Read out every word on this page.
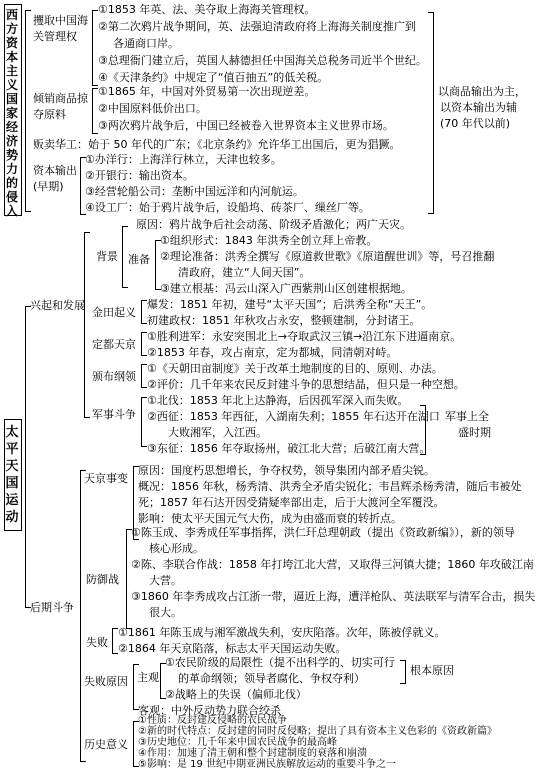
西
方
资
本
主
义
国
家
经
济
势
力
的
侵
入
攫取中国海
关管理权
①1853 年英、法、美夺取上海海关管理权。
②第二次鸦片战争期间，英、法强迫清政府将上海海关制度推广到
各通商口岸。
③总理衙门建立后，英国人赫德担任中国海关总税务司近半个世纪。
④《天津条约》中规定了“值百抽五”的低关税。
倾销商品掠
夺原料
①1865 年，中国对外贸易第一次出现逆差。
②中国原料低价出口。
③两次鸦片战争后，中国已经被卷入世界资本主义世界市场。
贩卖华工：始于 50 年代的广东；《北京条约》允许华工出国后，更为猖獗。
资本输出
(早期)
①办洋行：上海洋行林立，天津也较多。
②开银行：输出资本。
③经营轮船公司：垄断中国远洋和内河航运。
④设工厂：始于鸦片战争后，设船坞、砖茶厂、缫丝厂等。
以商品输出为主，
以资本输出为辅
(70 年代以前)
太
平
天
国
运
动
兴起和发展
背景
原因：鸦片战争后社会动荡、阶级矛盾激化；两广天灾。
准备
①组织形式：1843 年洪秀全创立拜上帝教。
②理论准备：洪秀全撰写《原道救世歌》《原道醒世训》等，号召推翻
清政府，建立“人间天国”。
③建立根基：冯云山深入广西紫荆山区创建根据地。
金田起义
爆发：1851 年初，建号“太平天国”；后洪秀全称“天王”。
初建政权：1851 年秋攻占永安，整顿建制，分封诸王。
定都天京
①胜利进军：永安突围北上→夺取武汉三镇→沿江东下进逼南京。
②1853 年春，攻占南京，定为都城，同清朝对峙。
颁布纲领
①《天朝田亩制度》关于改革土地制度的目的、原则、办法。
②评价：几千年来农民反封建斗争的思想结晶，但只是一种空想。
军事斗争
①北伐：1853 年北上达静海，后因孤军深入而失败。
②西征：1853 年西征，入湖南失利；1855 年石达开在湖口
大败湘军，入江西。
③东征：1856 年夺取扬州，破江北大营；后破江南大营。
军事上全
盛时期
后期斗争
天京事变
原因：国度朽思想增长，争夺权势，领导集团内部矛盾尖锐。
概况：1856 年秋，杨秀清、洪秀全矛盾尖锐化；韦昌辉杀杨秀清，随后韦被处
死；1857 年石达开因受猜疑率部出走，后于大渡河全军覆没。
影响：使太平天国元气大伤，成为由盛而衰的转折点。
防御战
①陈玉成、李秀成任军事指挥，洪仁玕总理朝政（提出《资政新编》），新的领导
核心形成。
②陈、李联合作战：1858 年打垮江北大营，又取得三河镇大捷；1860 年攻破江南
大营。
③1860 年李秀成攻占江浙一带，逼近上海，遭洋枪队、英法联军与清军合击，损失
很大。
失败
①1861 年陈玉成与湘军激战失利，安庆陷落。次年，陈被俘就义。
②1864 年天京陷落，标志太平天国运动失败。
失败原因 主观
①农民阶级的局限性（提不出科学的、切实可行
的革命纲领；领导者腐化、争权夺利）
②战略上的失误（偏师北伐）
根本原因
客观：中外反动势力联合绞杀
历史意义
①性质：反封建反侵略的农民战争
②新的时代特点：反封建的同时反侵略；提出了具有资本主义色彩的《资政新篇》
③历史地位：几千年来中国农民战争的最高峰
④作用：加速了清王朝和整个封建制度的衰落和崩溃
⑤影响：是 19 世纪中期亚洲民族解放运动的重要斗争之一
